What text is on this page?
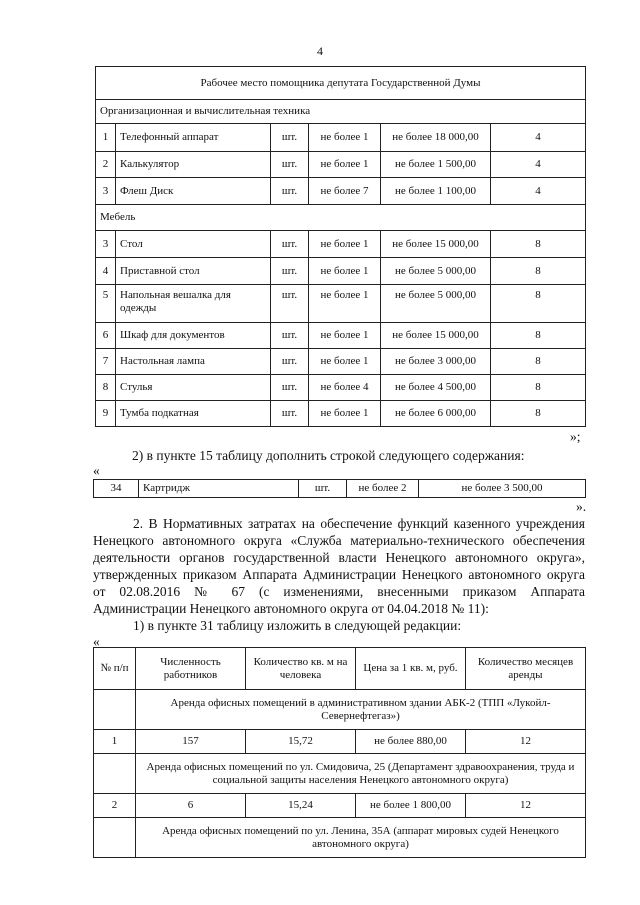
4
Рабочее место помощника депутата Государственной Думы					
Организационная и вычислительная техника					
1	Телефонный аппарат	шт.	не более 1	не более 18 000,00	4
2	Калькулятор	шт.	не более 1	не более 1 500,00	4
3	Флеш Диск	шт.	не более 7	не более 1 100,00	4
Мебель					
3	Стол	шт.	не более 1	не более 15 000,00	8
4	Приставной стол	шт.	не более 1	не более 5 000,00	8
5	Напольная вешалка для одежды	шт.	не более 1	не более 5 000,00	8
6	Шкаф для документов	шт.	не более 1	не более 15 000,00	8
7	Настольная лампа	шт.	не более 1	не более 3 000,00	8
8	Стулья	шт.	не более 4	не более 4 500,00	8
9	Тумба подкатная	шт.	не более 1	не более 6 000,00	8
»;
2) в пункте 15 таблицу дополнить строкой следующего содержания:
«
34	Картридж	шт.	не более 2	не более 3 500,00
».
2. В Нормативных затратах на обеспечение функций казенного учреждения Ненецкого автономного округа «Служба материально-технического обеспечения деятельности органов государственной власти Ненецкого автономного округа», утвержденных приказом Аппарата Администрации Ненецкого автономного округа от 02.08.2016 № 67 (с изменениями, внесенными приказом Аппарата Администрации Ненецкого автономного округа от 04.04.2018 № 11):
1) в пункте 31 таблицу изложить в следующей редакции:
«
№ п/п	Численность работников	Количество кв. м на человека	Цена за 1 кв. м, руб.	Количество месяцев аренды
	Аренда офисных помещений в административном здании АБК-2 (ТПП «Лукойл-Севернефтегаз»)			
1	157	15,72	не более 880,00	12
	Аренда офисных помещений по ул. Смидовича, 25 (Департамент здравоохранения, труда и социальной защиты населения Ненецкого автономного округа)			
2	6	15,24	не более 1 800,00	12
	Аренда офисных помещений по ул. Ленина, 35А (аппарат мировых судей Ненецкого автономного округа)			
